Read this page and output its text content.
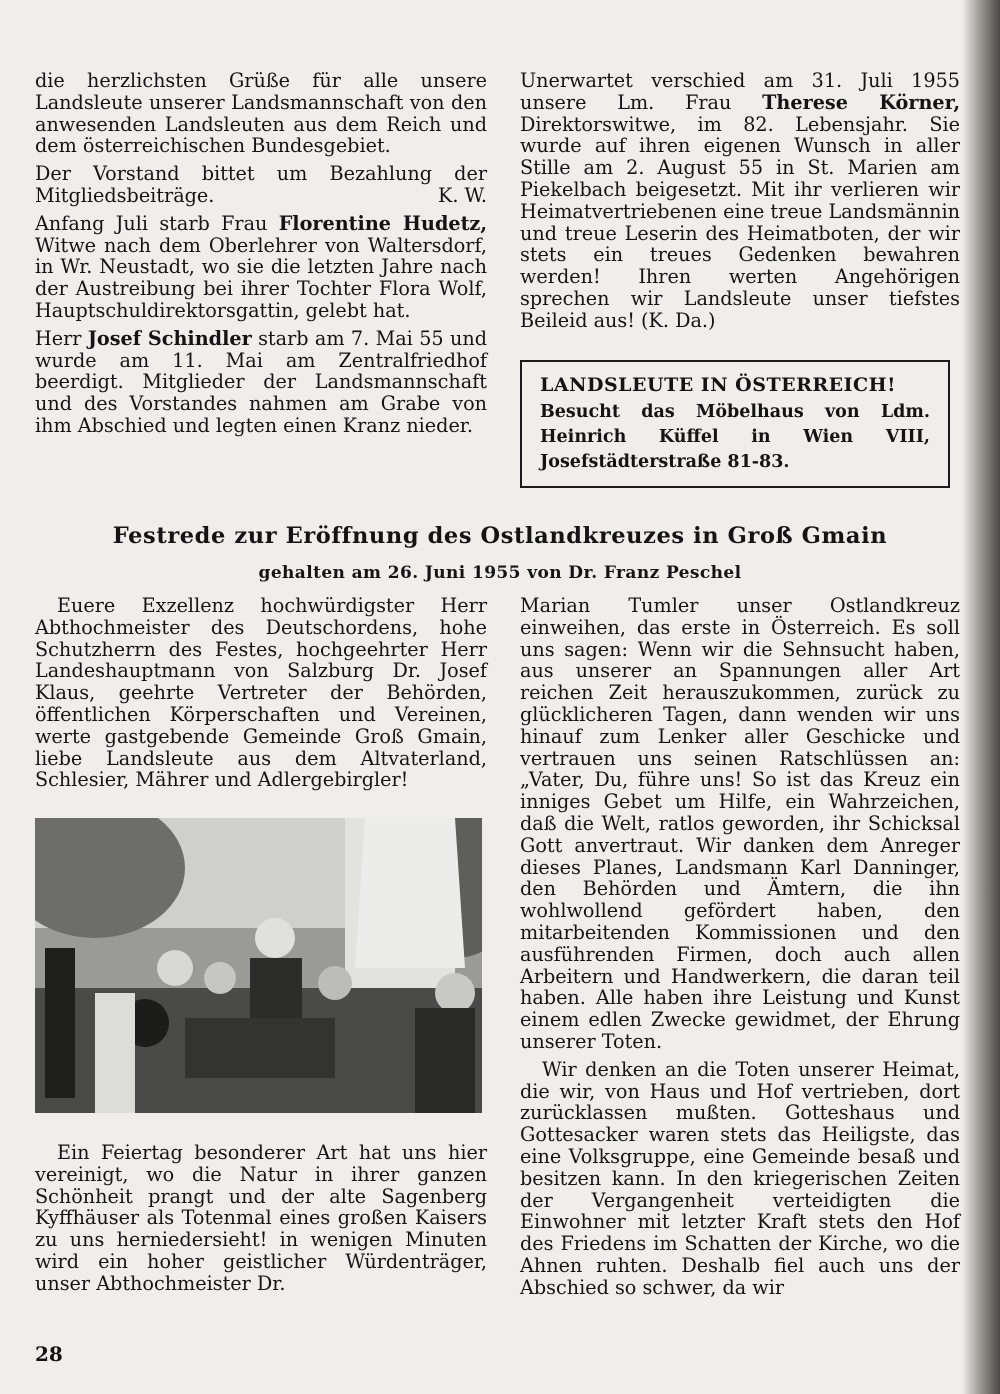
die herzlichsten Grüße für alle unsere Landsleute unserer Landsmannschaft von den anwesenden Landsleuten aus dem Reich und dem österreichischen Bundesgebiet.

Der Vorstand bittet um Bezahlung der Mitgliedsbeiträge.	K. W.

Anfang Juli starb Frau Florentine Hudetz, Witwe nach dem Oberlehrer von Waltersdorf, in Wr. Neustadt, wo sie die letzten Jahre nach der Austreibung bei ihrer Tochter Flora Wolf, Hauptschuldirektorsgattin, gelebt hat.

Herr Josef Schindler starb am 7. Mai 55 und wurde am 11. Mai am Zentralfriedhof beerdigt. Mitglieder der Landsmannschaft und des Vorstandes nahmen am Grabe von ihm Abschied und legten einen Kranz nieder.

Unerwartet verschied am 31. Juli 1955 unsere Lm. Frau Therese Körner, Direktorswitwe, im 82. Lebensjahr. Sie wurde auf ihren eigenen Wunsch in aller Stille am 2. August 55 in St. Marien am Piekelbach beigesetzt. Mit ihr verlieren wir Heimatvertriebenen eine treue Landsmännin und treue Leserin des Heimatboten, der wir stets ein treues Gedenken bewahren werden! Ihren werten Angehörigen sprechen wir Landsleute unser tiefstes Beileid aus! (K. Da.)

LANDSLEUTE IN ÖSTERREICH!
Besucht das Möbelhaus von Ldm. Heinrich Küffel in Wien VIII, Josefstädterstraße 81-83.
Festrede zur Eröffnung des Ostlandkreuzes in Groß Gmain
gehalten am 26. Juni 1955 von Dr. Franz Peschel

Euere Exzellenz hochwürdigster Herr Abthochmeister des Deutschordens, hohe Schutzherrn des Festes, hochgeehrter Herr Landeshauptmann von Salzburg Dr. Josef Klaus, geehrte Vertreter der Behörden, öffentlichen Körperschaften und Vereinen, werte gastgebende Gemeinde Groß Gmain, liebe Landsleute aus dem Altvaterland, Schlesier, Mährer und Adlergebirgler!

Ein Feiertag besonderer Art hat uns hier vereinigt, wo die Natur in ihrer ganzen Schönheit prangt und der alte Sagenberg Kyffhäuser als Totenmal eines großen Kaisers zu uns herniedersieht! in wenigen Minuten wird ein hoher geistlicher Würdenträger, unser Abthochmeister Dr.

Marian Tumler unser Ostlandkreuz einweihen, das erste in Österreich. Es soll uns sagen: Wenn wir die Sehnsucht haben, aus unserer an Spannungen aller Art reichen Zeit herauszukommen, zurück zu glücklicheren Tagen, dann wenden wir uns hinauf zum Lenker aller Geschicke und vertrauen uns seinen Ratschlüssen an: „Vater, Du, führe uns! So ist das Kreuz ein inniges Gebet um Hilfe, ein Wahrzeichen, daß die Welt, ratlos geworden, ihr Schicksal Gott anvertraut. Wir danken dem Anreger dieses Planes, Landsmann Karl Danninger, den Behörden und Ämtern, die ihn wohlwollend gefördert haben, den mitarbeitenden Kommissionen und den ausführenden Firmen, doch auch allen Arbeitern und Handwerkern, die daran teil haben. Alle haben ihre Leistung und Kunst einem edlen Zwecke gewidmet, der Ehrung unserer Toten.

Wir denken an die Toten unserer Heimat, die wir, von Haus und Hof vertrieben, dort zurücklassen mußten. Gotteshaus und Gottesacker waren stets das Heiligste, das eine Volksgruppe, eine Gemeinde besaß und besitzen kann. In den kriegerischen Zeiten der Vergangenheit verteidigten die Einwohner mit letzter Kraft stets den Hof des Friedens im Schatten der Kirche, wo die Ahnen ruhten. Deshalb fiel auch uns der Abschied so schwer, da wir

28
